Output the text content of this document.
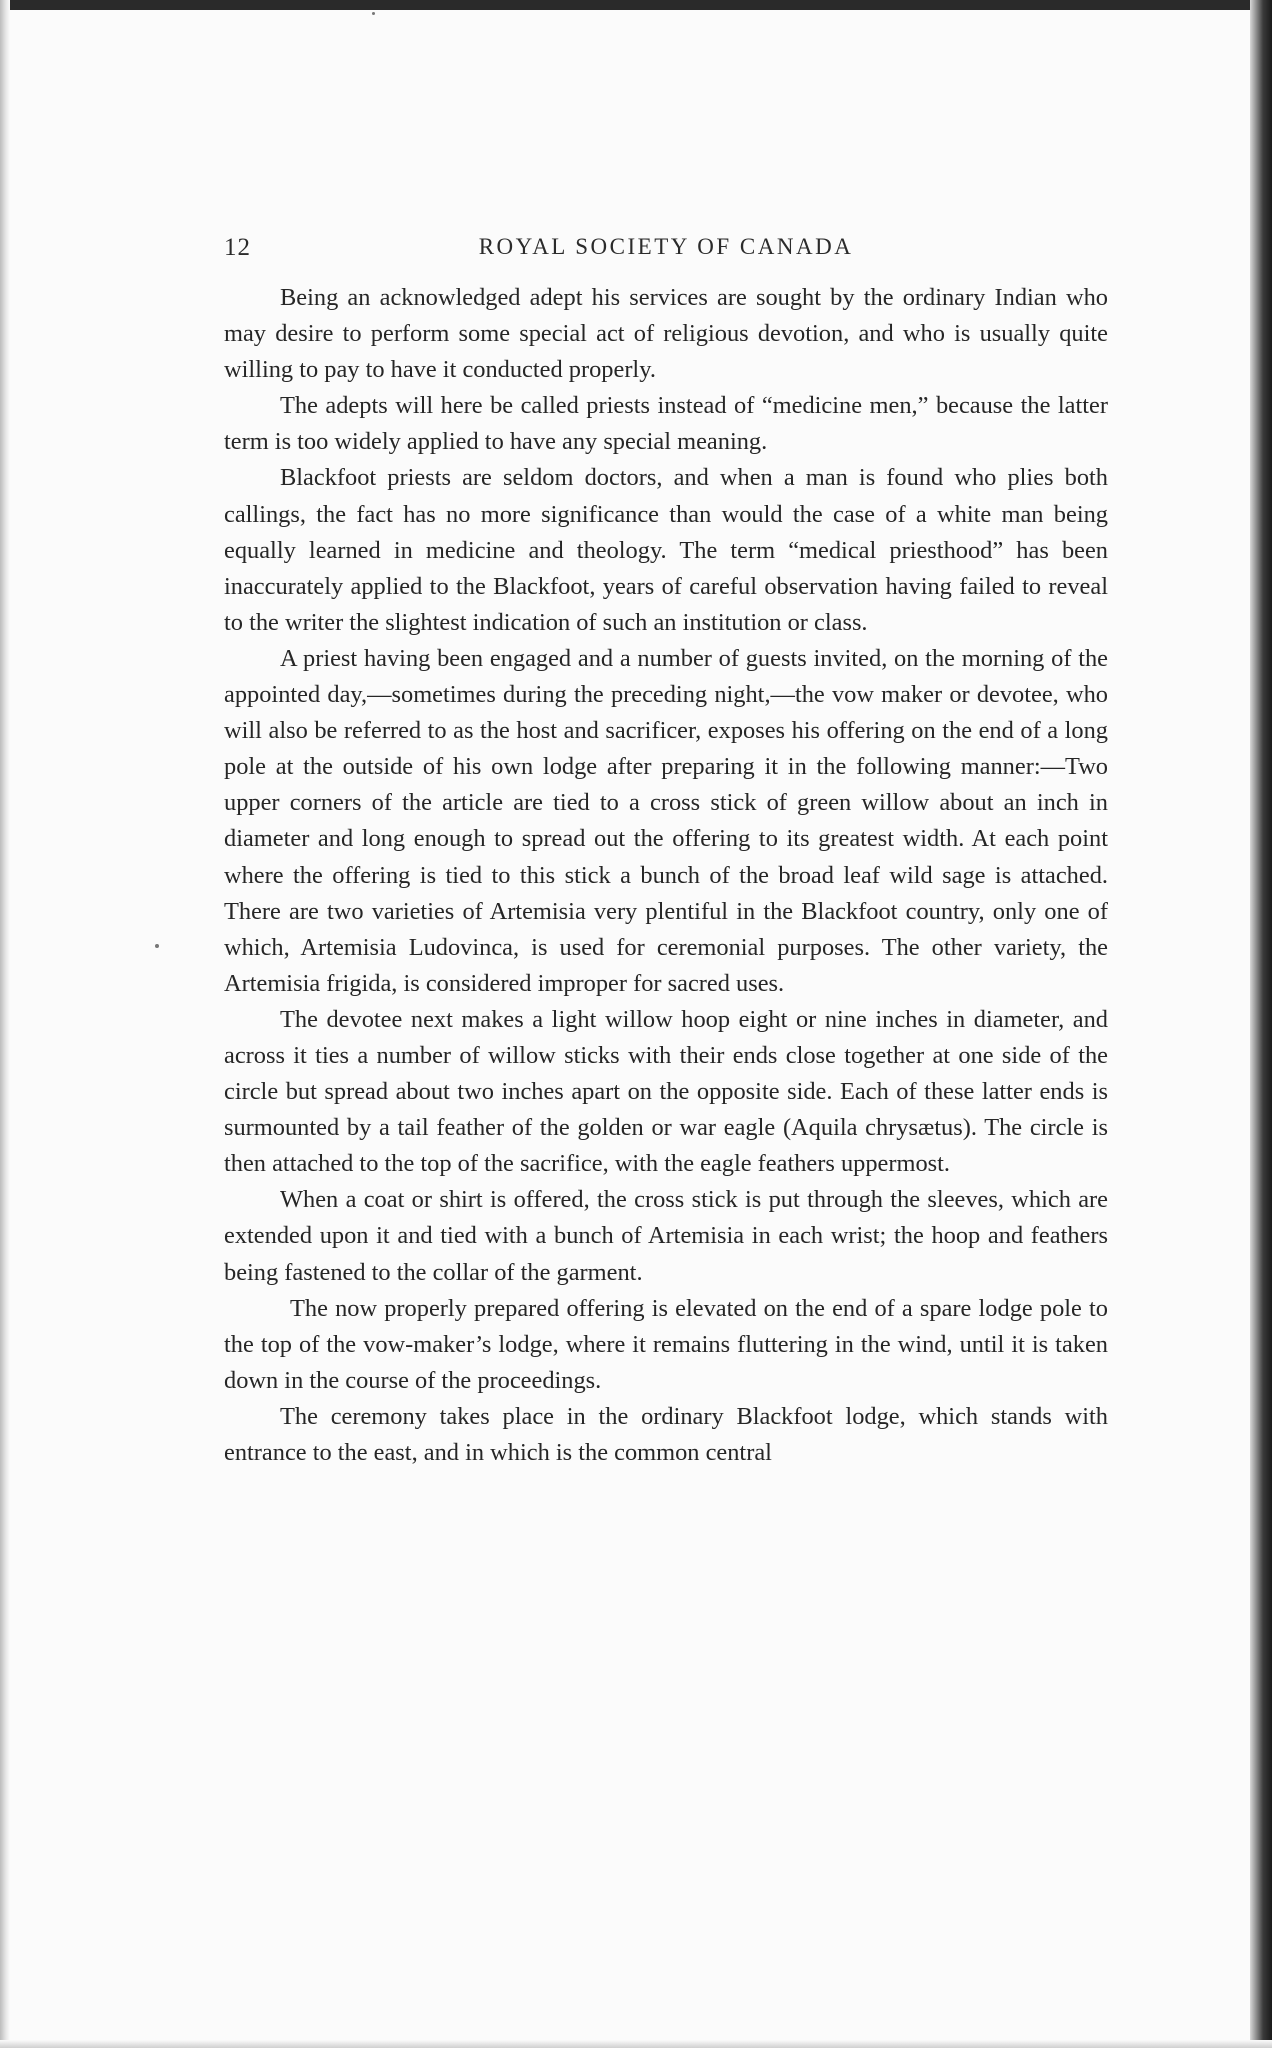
12	ROYAL SOCIETY OF CANADA

Being an acknowledged adept his services are sought by the ordinary Indian who may desire to perform some special act of religious devotion, and who is usually quite willing to pay to have it conducted properly.

The adepts will here be called priests instead of “medicine men,” because the latter term is too widely applied to have any special meaning.

Blackfoot priests are seldom doctors, and when a man is found who plies both callings, the fact has no more significance than would the case of a white man being equally learned in medicine and theology. The term “medical priesthood” has been inaccurately applied to the Blackfoot, years of careful observation having failed to reveal to the writer the slightest indication of such an institution or class.

A priest having been engaged and a number of guests invited, on the morning of the appointed day,—sometimes during the preceding night,—the vow maker or devotee, who will also be referred to as the host and sacrificer, exposes his offering on the end of a long pole at the outside of his own lodge after preparing it in the following manner:—Two upper corners of the article are tied to a cross stick of green willow about an inch in diameter and long enough to spread out the offering to its greatest width. At each point where the offering is tied to this stick a bunch of the broad leaf wild sage is attached. There are two varieties of Artemisia very plentiful in the Blackfoot country, only one of which, Artemisia Ludovinca, is used for ceremonial purposes. The other variety, the Artemisia frigida, is considered improper for sacred uses.

The devotee next makes a light willow hoop eight or nine inches in diameter, and across it ties a number of willow sticks with their ends close together at one side of the circle but spread about two inches apart on the opposite side. Each of these latter ends is surmounted by a tail feather of the golden or war eagle (Aquila chrysætus). The circle is then attached to the top of the sacrifice, with the eagle feathers uppermost.

When a coat or shirt is offered, the cross stick is put through the sleeves, which are extended upon it and tied with a bunch of Artemisia in each wrist; the hoop and feathers being fastened to the collar of the garment.

The now properly prepared offering is elevated on the end of a spare lodge pole to the top of the vow-maker’s lodge, where it remains fluttering in the wind, until it is taken down in the course of the proceedings.

The ceremony takes place in the ordinary Blackfoot lodge, which stands with entrance to the east, and in which is the common central
